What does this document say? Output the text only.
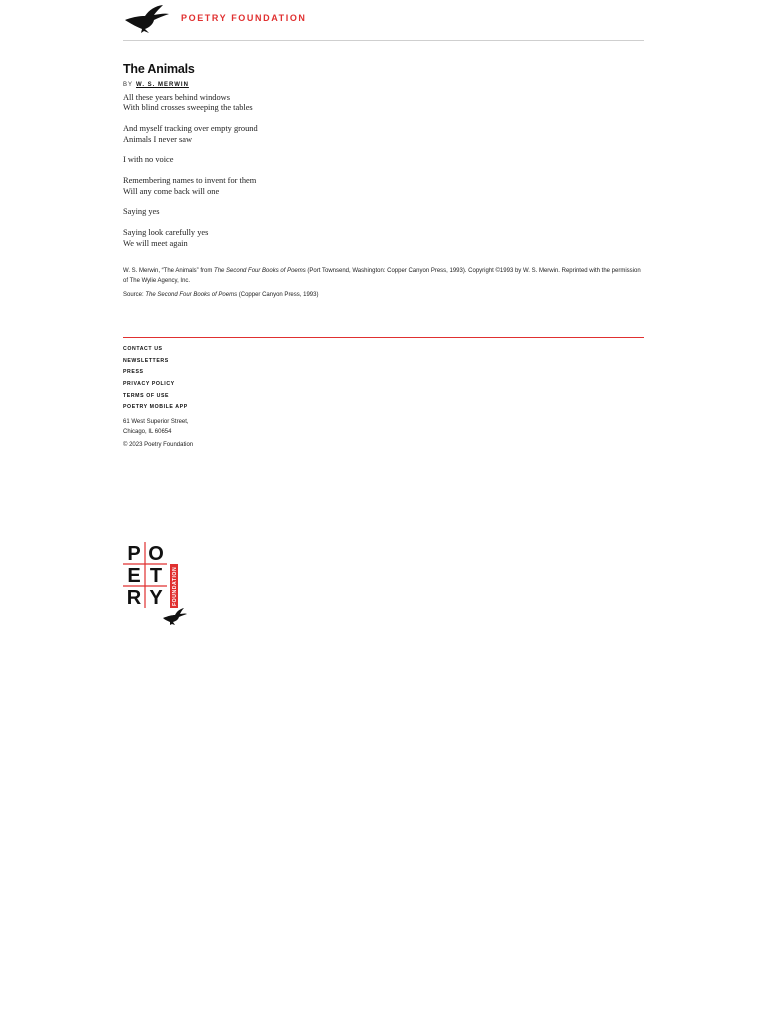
POETRY FOUNDATION
The Animals
BY W. S. MERWIN
All these years behind windows
With blind crosses sweeping the tables
And myself tracking over empty ground
Animals I never saw
I with no voice
Remembering names to invent for them
Will any come back will one
Saying yes
Saying look carefully yes
We will meet again
W. S. Merwin, “The Animals” from The Second Four Books of Poems (Port Townsend, Washington: Copper Canyon Press, 1993). Copyright ©1993 by W. S. Merwin. Reprinted with the permission of The Wylie Agency, Inc.
Source: The Second Four Books of Poems (Copper Canyon Press, 1993)
CONTACT US
NEWSLETTERS
PRESS
PRIVACY POLICY
TERMS OF USE
POETRY MOBILE APP
61 West Superior Street,
Chicago, IL 60654
© 2023 Poetry Foundation
P O
E T
R Y FOUNDATION
